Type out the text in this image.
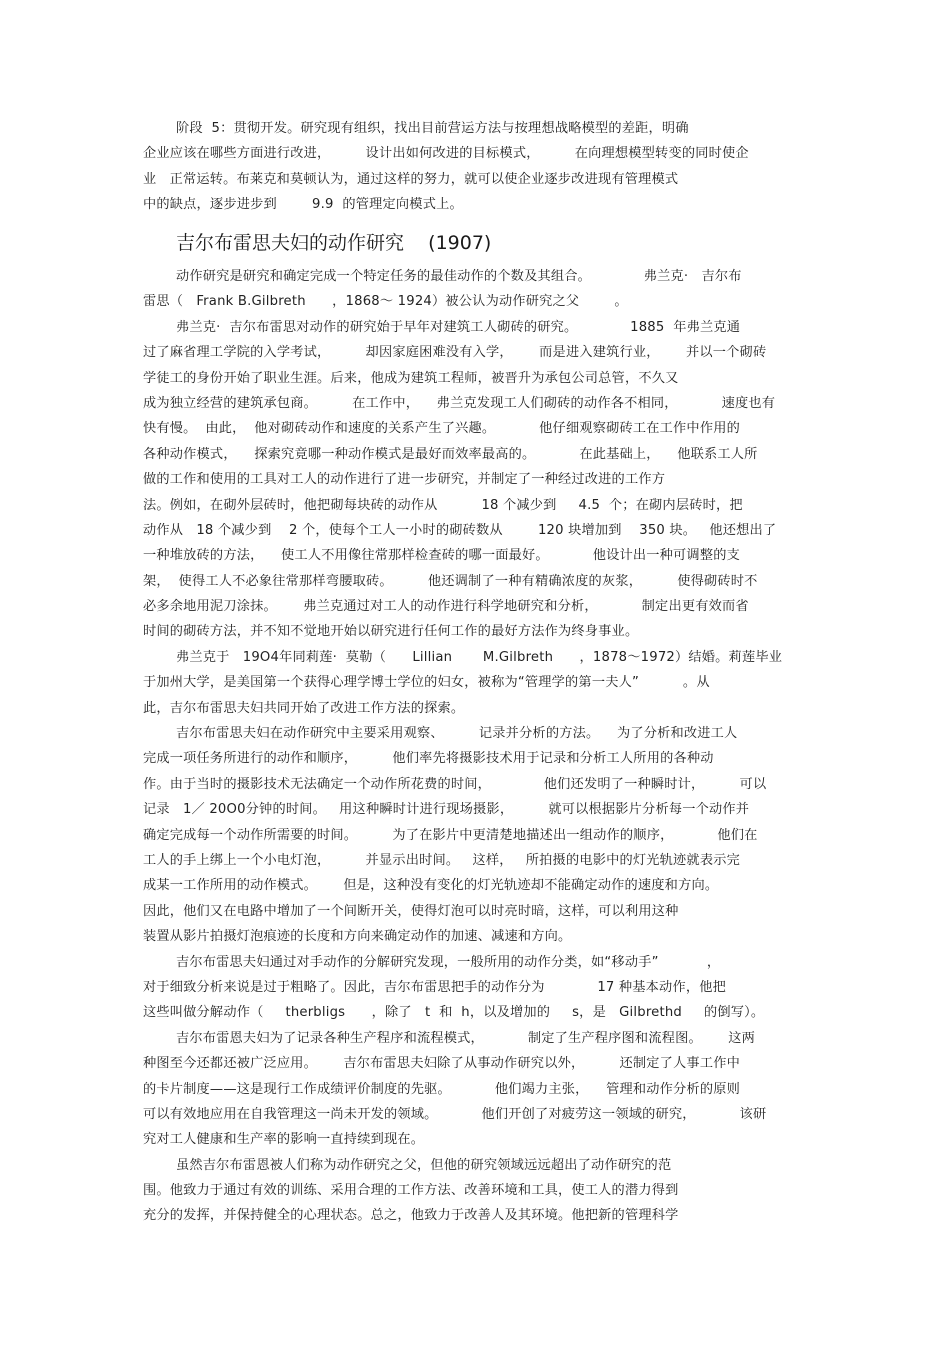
阶段  5：贯彻开发。研究现有组织，找出目前营运方法与按理想战略模型的差距，明确
企业应该在哪些方面进行改进，        设计出如何改进的目标模式，        在向理想模型转变的同时使企
业   正常运转。布莱克和莫顿认为，通过这样的努力，就可以使企业逐步改进现有管理模式
中的缺点，逐步进步到        9.9  的管理定向模式上。
吉尔布雷思夫妇的动作研究    (1907)
动作研究是研究和确定完成一个特定任务的最佳动作的个数及其组合。            弗兰克·   吉尔布
雷思（   Frank B.Gilbreth      ，1868～ 1924）被公认为动作研究之父        。
弗兰克·  吉尔布雷思对动作的研究始于早年对建筑工人砌砖的研究。            1885  年弗兰克通
过了麻省理工学院的入学考试，        却因家庭困难没有入学，      而是进入建筑行业，      并以一个砌砖
学徒工的身份开始了职业生涯。后来，他成为建筑工程师，被晋升为承包公司总管，不久又
成为独立经营的建筑承包商。        在工作中，    弗兰克发现工人们砌砖的动作各不相同，          速度也有
快有慢。  由此，  他对砌砖动作和速度的关系产生了兴趣。          他仔细观察砌砖工在工作中作用的
各种动作模式，    探索究竟哪一种动作模式是最好而效率最高的。          在此基础上，    他联系工人所
做的工作和使用的工具对工人的动作进行了进一步研究，并制定了一种经过改进的工作方
法。例如，在砌外层砖时，他把砌每块砖的动作从          18 个减少到     4.5  个；在砌内层砖时，把
动作从   18 个减少到    2 个，使每个工人一小时的砌砖数从        120 块增加到    350 块。   他还想出了
一种堆放砖的方法，    使工人不用像往常那样检查砖的哪一面最好。          他设计出一种可调整的支
架，  使得工人不必象往常那样弯腰取砖。        他还调制了一种有精确浓度的灰浆，        使得砌砖时不
必多余地用泥刀涂抹。      弗兰克通过对工人的动作进行科学地研究和分析，          制定出更有效而省
时间的砌砖方法，并不知不觉地开始以研究进行任何工作的最好方法作为终身事业。
弗兰克于   19O4年同莉莲·  莫勒（      Lillian       M.Gilbreth      ，1878～1972）结婚。莉莲毕业
于加州大学，是美国第一个获得心理学博士学位的妇女，被称为“管理学的第一夫人”          。从
此，吉尔布雷思夫妇共同开始了改进工作方法的探索。
吉尔布雷思夫妇在动作研究中主要采用观察、        记录并分析的方法。    为了分析和改进工人
完成一项任务所进行的动作和顺序，        他们率先将摄影技术用于记录和分析工人所用的各种动
作。由于当时的摄影技术无法确定一个动作所花费的时间，            他们还发明了一种瞬时计，        可以
记录   1／ 20O0分钟的时间。   用这种瞬时计进行现场摄影，        就可以根据影片分析每一个动作并
确定完成每一个动作所需要的时间。        为了在影片中更清楚地描述出一组动作的顺序，          他们在
工人的手上绑上一个小电灯泡，        并显示出时间。   这样，   所拍摄的电影中的灯光轨迹就表示完
成某一工作所用的动作模式。      但是，这种没有变化的灯光轨迹却不能确定动作的速度和方向。
因此，他们又在电路中增加了一个间断开关，使得灯泡可以时亮时暗，这样，可以利用这种
装置从影片拍摄灯泡痕迹的长度和方向来确定动作的加速、减速和方向。
吉尔布雷思夫妇通过对手动作的分解研究发现，一般所用的动作分类，如“移动手”           ，
对于细致分析来说是过于粗略了。因此，吉尔布雷思把手的动作分为            17 种基本动作，他把
这些叫做分解动作（     therbligs      ，除了   t  和  h，以及增加的     s，是   Gilbrethd     的倒写）。
吉尔布雷恩夫妇为了记录各种生产程序和流程模式，          制定了生产程序图和流程图。      这两
种图至今还都还被广泛应用。      吉尔布雷思夫妇除了从事动作研究以外，        还制定了人事工作中
的卡片制度——这是现行工作成绩评价制度的先驱。          他们竭力主张，    管理和动作分析的原则
可以有效地应用在自我管理这一尚未开发的领域。          他们开创了对疲劳这一领域的研究，          该研
究对工人健康和生产率的影响一直持续到现在。
虽然吉尔布雷恩被人们称为动作研究之父，但他的研究领域远远超出了动作研究的范
围。他致力于通过有效的训练、采用合理的工作方法、改善环境和工具，使工人的潜力得到
充分的发挥，并保持健全的心理状态。总之，他致力于改善人及其环境。他把新的管理科学
